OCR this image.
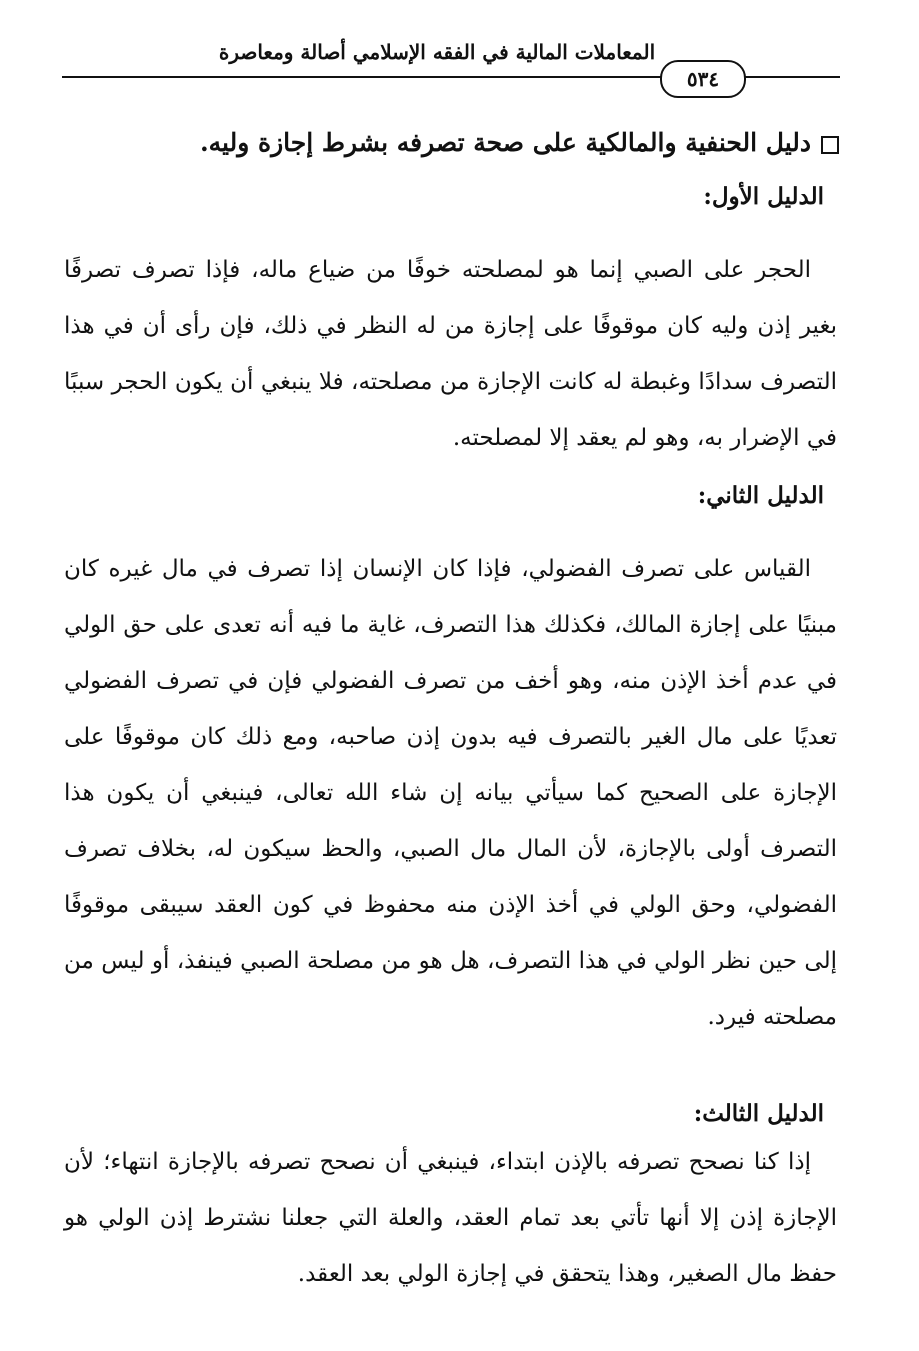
المعاملات المالية في الفقه الإسلامي أصالة ومعاصرة
٥٣٤
دليل الحنفية والمالكية على صحة تصرفه بشرط إجازة وليه.
الدليل الأول:

الحجر على الصبي إنما هو لمصلحته خوفًا من ضياع ماله، فإذا تصرف تصرفًا بغير إذن وليه كان موقوفًا على إجازة من له النظر في ذلك، فإن رأى أن في هذا التصرف سدادًا وغبطة له كانت الإجازة من مصلحته، فلا ينبغي أن يكون الحجر سببًا في الإضرار به، وهو لم يعقد إلا لمصلحته.

الدليل الثاني:

القياس على تصرف الفضولي، فإذا كان الإنسان إذا تصرف في مال غيره كان مبنيًا على إجازة المالك، فكذلك هذا التصرف، غاية ما فيه أنه تعدى على حق الولي في عدم أخذ الإذن منه، وهو أخف من تصرف الفضولي فإن في تصرف الفضولي تعديًا على مال الغير بالتصرف فيه بدون إذن صاحبه، ومع ذلك كان موقوفًا على الإجازة على الصحيح كما سيأتي بيانه إن شاء الله تعالى، فينبغي أن يكون هذا التصرف أولى بالإجازة، لأن المال مال الصبي، والحظ سيكون له، بخلاف تصرف الفضولي، وحق الولي في أخذ الإذن منه محفوظ في كون العقد سيبقى موقوفًا إلى حين نظر الولي في هذا التصرف، هل هو من مصلحة الصبي فينفذ، أو ليس من مصلحته فيرد.

الدليل الثالث:

إذا كنا نصحح تصرفه بالإذن ابتداء، فينبغي أن نصحح تصرفه بالإجازة انتهاء؛ لأن الإجازة إذن إلا أنها تأتي بعد تمام العقد، والعلة التي جعلنا نشترط إذن الولي هو حفظ مال الصغير، وهذا يتحقق في إجازة الولي بعد العقد.
